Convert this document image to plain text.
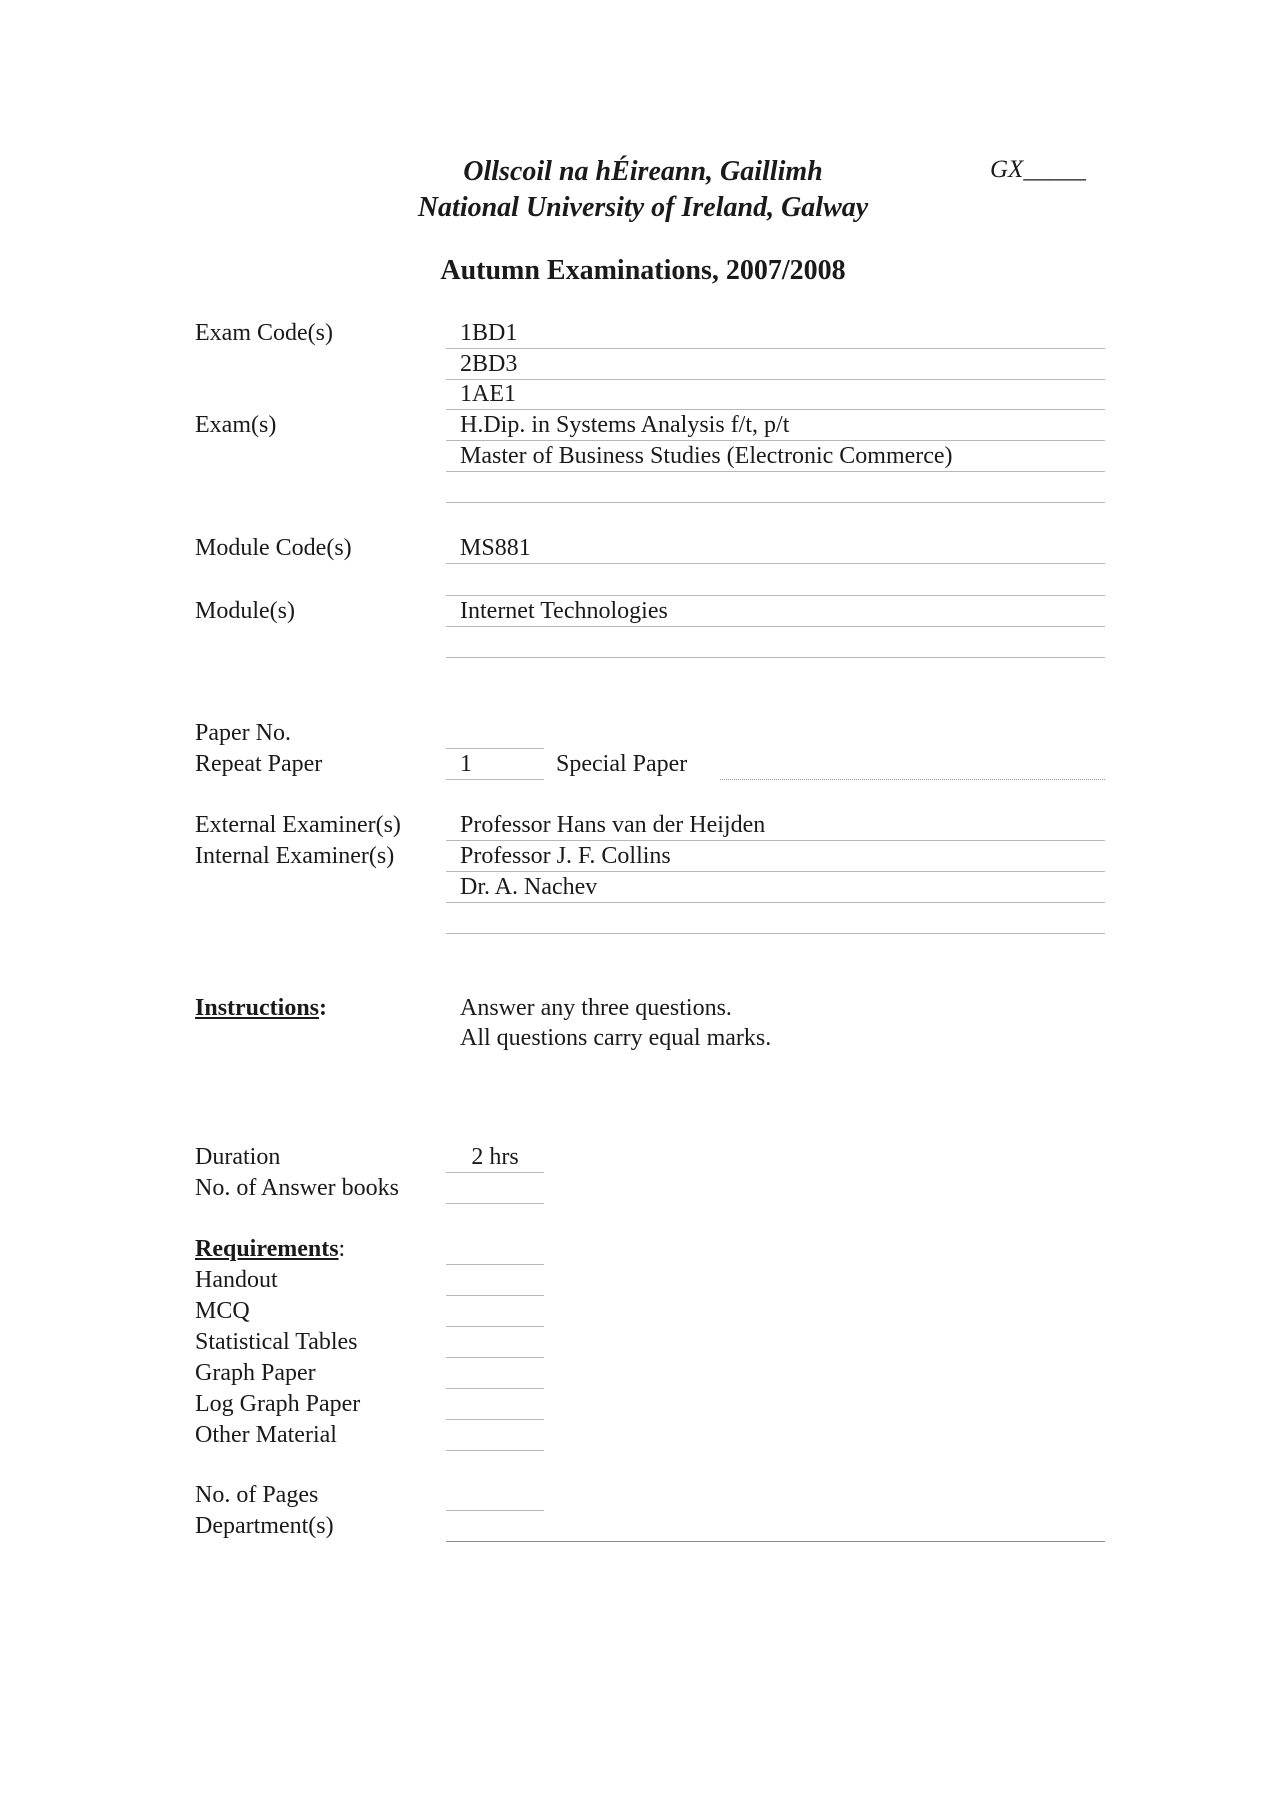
Ollscoil na hÉireann, Gaillimh
National University of Ireland, Galway
GX_____
Autumn Examinations, 2007/2008
Exam Code(s)	1BD1
2BD3
1AE1
Exam(s)	H.Dip. in Systems Analysis f/t, p/t
Master of Business Studies (Electronic Commerce)
Module Code(s)	MS881
Module(s)	Internet Technologies
Paper No.
Repeat Paper	1	Special Paper
External Examiner(s) Professor Hans van der Heijden
Internal Examiner(s)	Professor J. F. Collins
Dr. A. Nachev
Instructions:	Answer any three questions.
All questions carry equal marks.
Duration	2 hrs
No. of Answer books
Requirements:
Handout
MCQ
Statistical Tables
Graph Paper
Log Graph Paper
Other Material
No. of Pages
Department(s)
